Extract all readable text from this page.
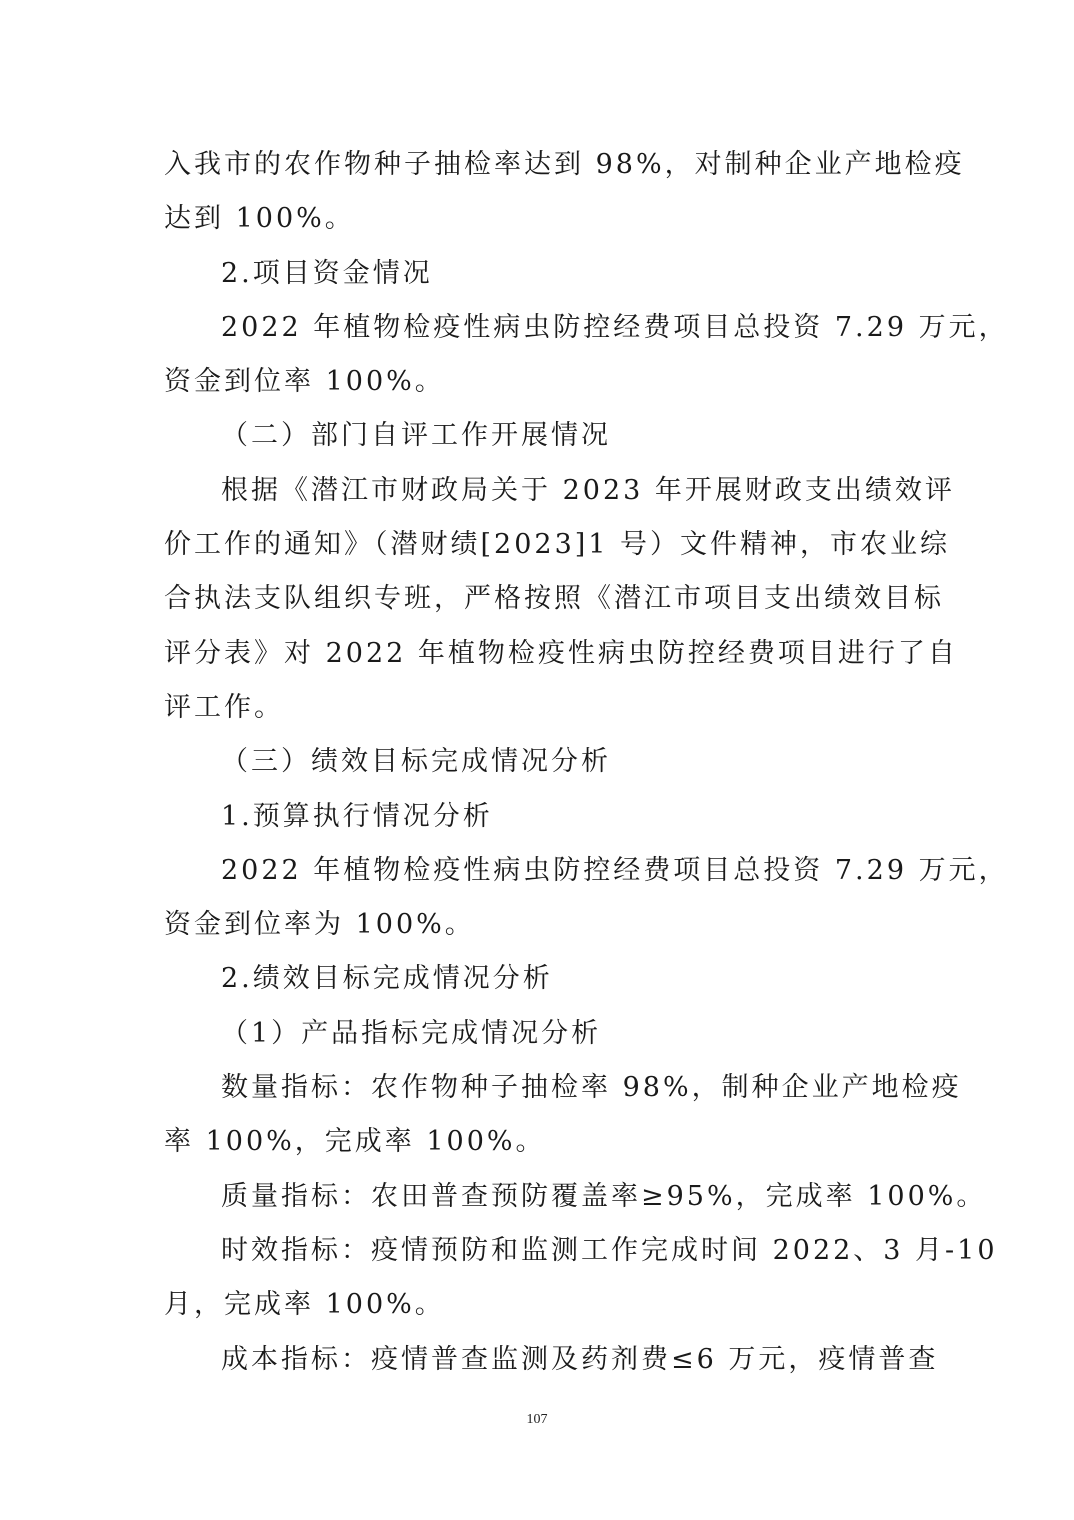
入我市的农作物种子抽检率达到 98%，对制种企业产地检疫
达到 100%。
2.项目资金情况
2022 年植物检疫性病虫防控经费项目总投资 7.29 万元，
资金到位率 100%。
（二）部门自评工作开展情况
根据《潜江市财政局关于 2023 年开展财政支出绩效评
价工作的通知》（潜财绩[2023]1 号）文件精神，市农业综
合执法支队组织专班，严格按照《潜江市项目支出绩效目标
评分表》对 2022 年植物检疫性病虫防控经费项目进行了自
评工作。
（三）绩效目标完成情况分析
1.预算执行情况分析
2022 年植物检疫性病虫防控经费项目总投资 7.29 万元，
资金到位率为 100%。
2.绩效目标完成情况分析
（1）产品指标完成情况分析
数量指标：农作物种子抽检率 98%，制种企业产地检疫
率 100%，完成率 100%。
质量指标：农田普查预防覆盖率≥95%，完成率 100%。
时效指标：疫情预防和监测工作完成时间 2022、3 月-10
月，完成率 100%。
成本指标：疫情普查监测及药剂费≤6 万元，疫情普查
107
